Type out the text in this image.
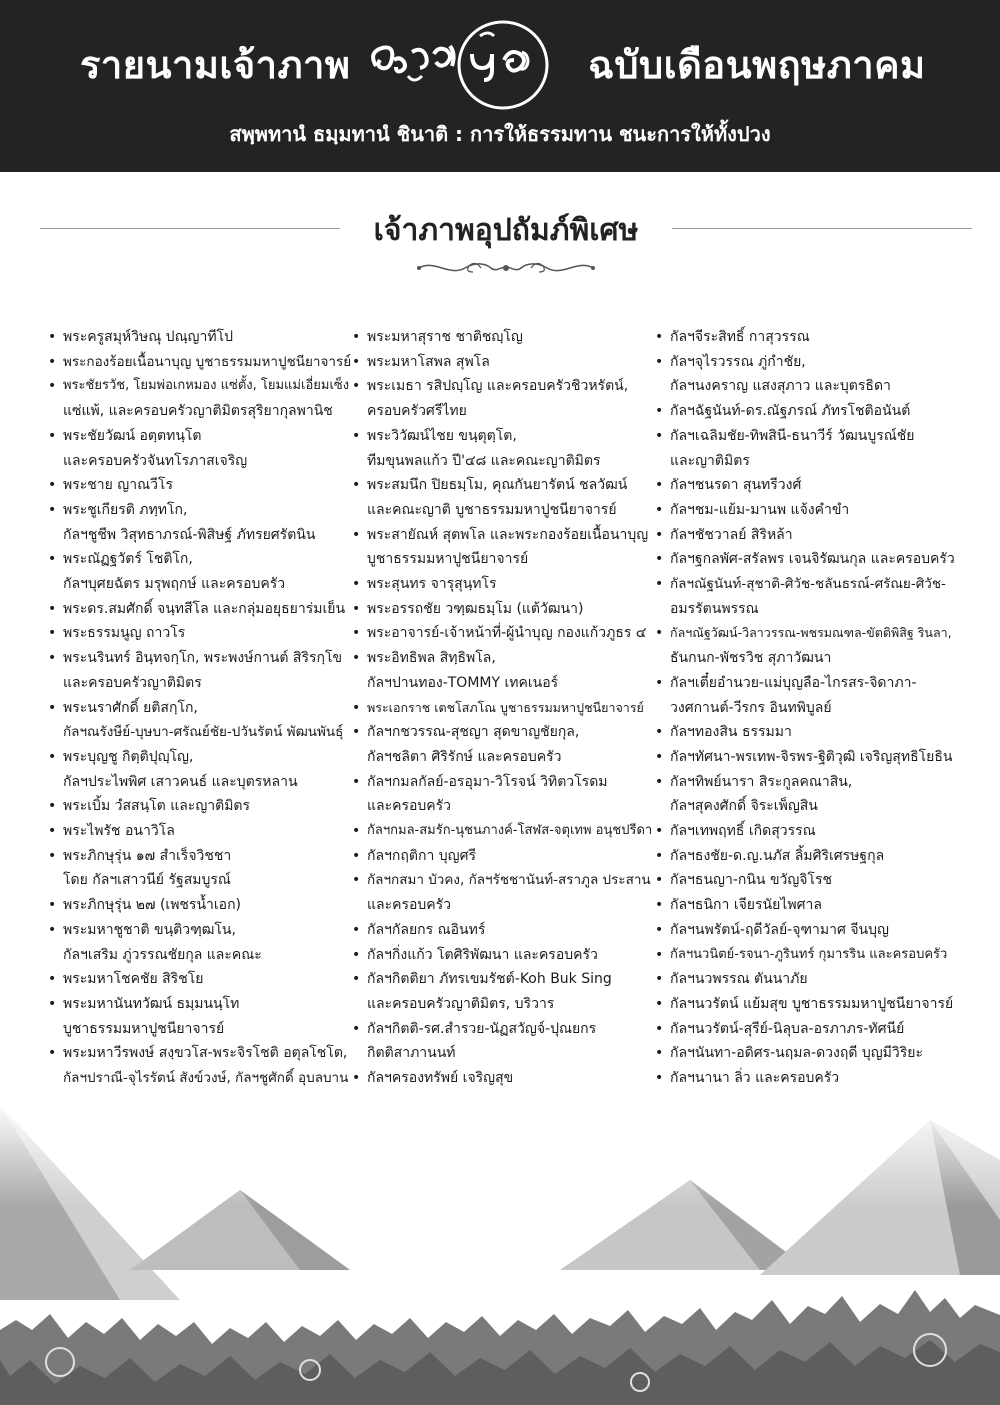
รายนามเจ้าภาพ	ฉบับเดือนพฤษภาคม
สพฺพทานํ ธมฺมทานํ ชินาติ : การให้ธรรมทาน ชนะการให้ทั้งปวง
เจ้าภาพอุปถัมภ์พิเศษ
• พระครูสมุห์วิษณุ ปณฺญาทีโป
• พระกองร้อยเนื้อนาบุญ บูชาธรรมมหาปูชนียาจารย์
• พระชัยรวัช, โยมพ่อเกหมอง แซ่ตั้ง, โยมแม่เอี่ยมเซ็ง
แซ่แพ้, และครอบครัวญาติมิตรสุริยากุลพานิช
• พระชัยวัฒน์ อตฺตทนฺโต
และครอบครัวจันทโรภาสเจริญ
• พระชาย ญาณวีโร
• พระชูเกียรติ ภทฺทโก,
กัลฯชูชีพ วิสุทธาภรณ์-พิสิษฐ์ ภัทรยศรัตนิน
• พระณัฏฐวัตร์ โชติโก,
กัลฯบุศยฉัตร มรุพฤกษ์ และครอบครัว
• พระดร.สมศักดิ์ จนฺทสีโล และกลุ่มอยุธยาร่มเย็น
• พระธรรมนูญ ถาวโร
• พระนรินทร์ อินฺทจกฺโก, พระพงษ์กานต์ สิริรกฺโข
และครอบครัวญาติมิตร
• พระนราศักดิ์ ยติสกฺโก,
กัลฯณรังษีย์-บุษบา-ศรัณย์ชัย-ปวันรัตน์ พัฒนพันธุ์
• พระบุญชู กิตฺติปุญฺโญ,
กัลฯประไพพิศ เสาวคนธ์ และบุตรหลาน
• พระเบิ้ม วํสสนฺโต และญาติมิตร
• พระไพรัช อนาวิโล
• พระภิกษุรุ่น ๑๗ สำเร็จวิชชา
โดย กัลฯเสาวนีย์ รัฐสมบูรณ์
• พระภิกษุรุ่น ๒๗ (เพชรน้ำเอก)
• พระมหาชูชาติ ขนฺติวฑฺฒโน,
กัลฯเสริม ภู่วรรณชัยกุล และคณะ
• พระมหาโชคชัย สิริชโย
• พระมหานันทวัฒน์ ธมฺมนนฺโท
บูชาธรรมมหาปูชนียาจารย์
• พระมหาวีรพงษ์ สงฺขวโส-พระจิรโชติ อตุลโชโต,
กัลฯปราณี-จุไรรัตน์ สังข์วงษ์, กัลฯชูศักดิ์ อุบลบาน
• พระมหาสุราช ชาติชญฺโญ
• พระมหาโสพล สุพโล
• พระเมธา รสิปญฺโญ และครอบครัวชิวหรัตน์,
ครอบครัวศรีไทย
• พระวิวัฒน์ไชย ขนฺตุตฺโต,
ทีมขุนพลแก้ว ปี'๔๘ และคณะญาติมิตร
• พระสมนึก ปิยธมฺโม, คุณกันยารัตน์ ชลวัฒน์
และคณะญาติ บูชาธรรมมหาปูชนียาจารย์
• พระสายัณห์ สุตพโล และพระกองร้อยเนื้อนาบุญ
บูชาธรรมมหาปูชนียาจารย์
• พระสุนทร จารุสุนฺทโร
• พระอรรถชัย วฑฺฒธมฺโม (แต้วัฒนา)
• พระอาจารย์-เจ้าหน้าที่-ผู้นำบุญ กองแก้วภูธร ๔
• พระอิทธิพล สิทฺธิพโล,
กัลฯปานทอง-TOMMY เทคเนอร์
• พระเอกราช เตชโสภโณ บูชาธรรมมหาปูชนียาจารย์
• กัลฯกชวรรณ-สุชญา สุดขาญชัยกุล,
กัลฯชลิตา ศิริรักษ์ และครอบครัว
• กัลฯกมลกัลย์-อรอุมา-วิโรจน์ วิทิตวโรดม
และครอบครัว
• กัลฯกมล-สมรัก-นุชนภางค์-โสฬส-จตุเทพ อนุชปรีดา
• กัลฯกฤติกา บุญศรี
• กัลฯกสมา บัวคง, กัลฯรัชชานันท์-สราภูล ประสาน
และครอบครัว
• กัลฯกัลยกร ณอินทร์
• กัลฯกิ่งแก้ว โตศิริพัฒนา และครอบครัว
• กัลฯกิตติยา ภัทรเขมรัชต์-Koh Buk Sing
และครอบครัวญาติมิตร, บริวาร
• กัลฯกิตติ-รศ.สำรวย-นัฏสวัญจ์-ปุณยกร
กิตติสาภานนท์
• กัลฯครองทรัพย์ เจริญสุข
• กัลฯจีระสิทธิ์ กาสุวรรณ
• กัลฯจุไรวรรณ ภู่กำชัย,
กัลฯนงคราญ แสงสุภาว และบุตรธิดา
• กัลฯฉัฐนันท์-ดร.ณัฐภรณ์ ภัทรโชติอนันต์
• กัลฯเฉลิมชัย-ทิพสินี-ธนาวีร์ วัฒนบูรณ์ชัย
และญาติมิตร
• กัลฯชนรดา สุนทรีวงศ์
• กัลฯชม-แย้ม-มานพ แจ้งคำขำ
• กัลฯชัชวาลย์ สิริหล้า
• กัลฯฐกลพัศ-สรัลพร เจนจิรัฒนกุล และครอบครัว
• กัลฯณัฐนันท์-สุชาติ-ศิวัช-ชลันธรณ์-ศรัณย-ศิวัช-
อมรรัตนพรรณ
• กัลฯณัฐวัฒน์-วิลาวรรณ-พชรมณฑล-ขัตติพิสิฐ รินลา,
ธันกนก-พัชรวิช สุภาวัฒนา
• กัลฯเตี๋ยอำนวย-แม่บุญลือ-ไกรสร-จิดาภา-
วงศกานต์-วีรกร อินทพิบูลย์
• กัลฯทองสิน ธรรมมา
• กัลฯทัศนา-พรเทพ-จิรพร-ฐิติวุฒิ เจริญสุทธิโยธิน
• กัลฯทิพย์นารา สิระกูลคณาสิน,
กัลฯสุคงศักดิ์ จิระเพ็ญสิน
• กัลฯเทพฤทธิ์ เกิดสุวรรณ
• กัลฯธงชัย-ด.ญ.นภัส ลิ้มศิริเศรษฐกุล
• กัลฯธนญา-กนิน ขวัญจิโรช
• กัลฯธนิกา เจียรนัยไพศาล
• กัลฯนพรัตน์-ฤดีวัลย์-จุฑามาศ จีนบุญ
• กัลฯนวนิตย์-รจนา-ภูรินทร์ กุมารริน และครอบครัว
• กัลฯนวพรรณ ตันนาภัย
• กัลฯนวรัตน์ แย้มสุข บูชาธรรมมหาปูชนียาจารย์
• กัลฯนวรัตน์-สุรีย์-นิลุบล-อรภาภร-ทัศนีย์
• กัลฯนันทา-อดิศร-นฤมล-ดวงฤดี บุญมีวิริยะ
• กัลฯนานา ลิ่ว และครอบครัว
